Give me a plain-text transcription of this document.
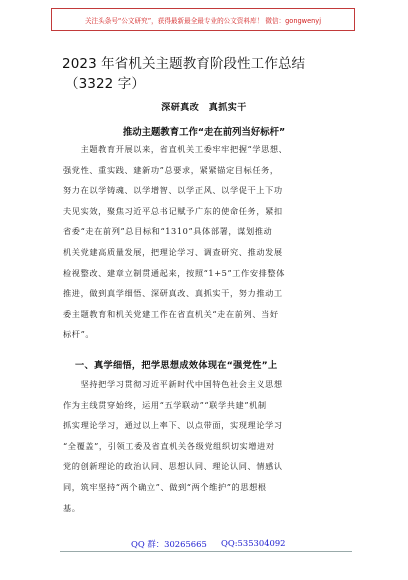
关注头条号“公文研究”，获得最新最全最专业的公文资料库！ 微信：gongwenyj
2023 年省机关主题教育阶段性工作总结
（3322 字）
深研真改　真抓实干
推动主题教育工作“走在前列当好标杆”
　　主题教育开展以来，省直机关工委牢牢把握“学思想、
强党性、重实践、建新功”总要求，紧紧锚定目标任务，
努力在以学铸魂、以学增智、以学正风、以学促干上下功
夫见实效，聚焦习近平总书记赋予广东的使命任务，紧扣
省委“走在前列”总目标和“1310”具体部署，谋划推动
机关党建高质量发展，把理论学习、调查研究、推动发展
检视整改、建章立制贯通起来，按照“1+5”工作安排整体
推进，做到真学细悟、深研真改、真抓实干，努力推动工
委主题教育和机关党建工作在省直机关“走在前列、当好
标杆”。
一、真学细悟，把学思想成效体现在“强党性”上
　　坚持把学习贯彻习近平新时代中国特色社会主义思想
作为主线贯穿始终，运用“五学联动”“联学共建”机制
抓实理论学习，通过以上率下、以点带面，实现理论学习
“全覆盖”，引领工委及省直机关各级党组织切实增进对
党的创新理论的政治认同、思想认同、理论认同、情感认
同，筑牢坚持“两个确立”、做到“两个维护”的思想根
基。
QQ 群：30265665 QQ:535304092
